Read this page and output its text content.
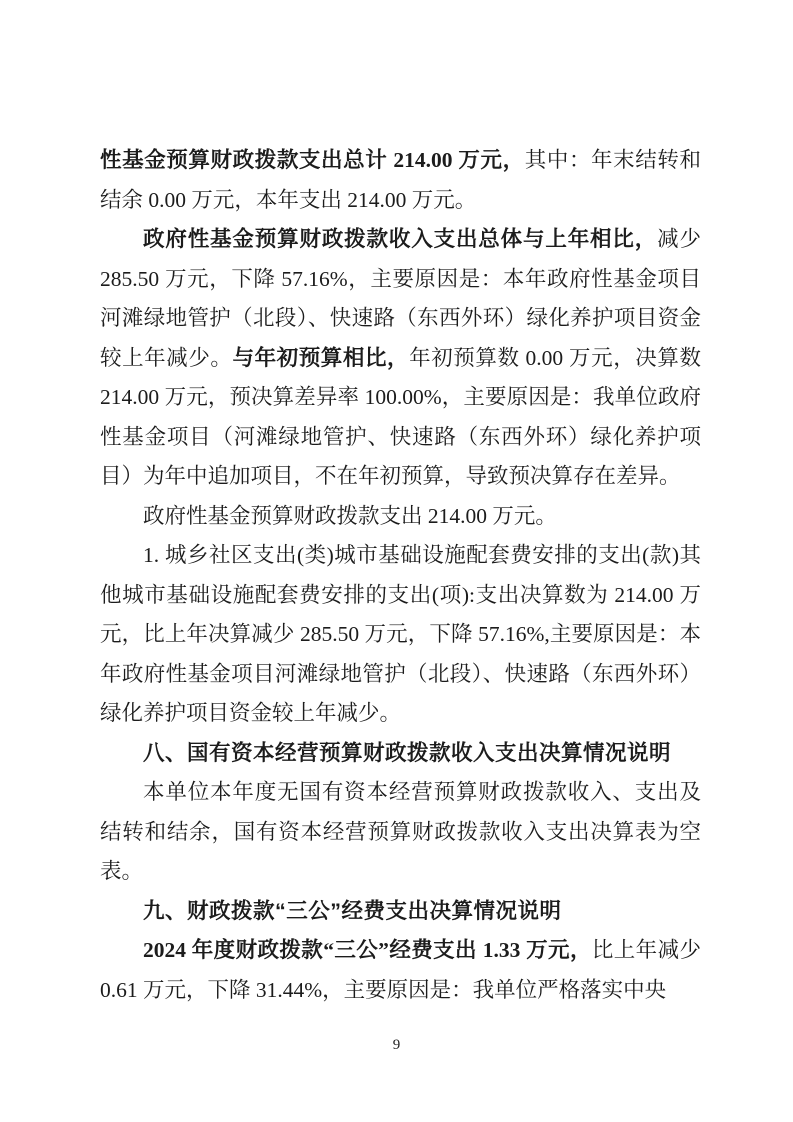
性基金预算财政拨款支出总计 214.00 万元，其中：年末结转和结余 0.00 万元，本年支出 214.00 万元。

政府性基金预算财政拨款收入支出总体与上年相比，减少 285.50 万元，下降 57.16%，主要原因是：本年政府性基金项目河滩绿地管护（北段）、快速路（东西外环）绿化养护项目资金较上年减少。与年初预算相比，年初预算数 0.00 万元，决算数 214.00 万元，预决算差异率 100.00%，主要原因是：我单位政府性基金项目（河滩绿地管护、快速路（东西外环）绿化养护项目）为年中追加项目，不在年初预算，导致预决算存在差异。

政府性基金预算财政拨款支出 214.00 万元。

1. 城乡社区支出(类)城市基础设施配套费安排的支出(款)其他城市基础设施配套费安排的支出(项):支出决算数为 214.00 万元，比上年决算减少 285.50 万元，下降 57.16%,主要原因是：本年政府性基金项目河滩绿地管护（北段）、快速路（东西外环）绿化养护项目资金较上年减少。

八、国有资本经营预算财政拨款收入支出决算情况说明

本单位本年度无国有资本经营预算财政拨款收入、支出及结转和结余，国有资本经营预算财政拨款收入支出决算表为空表。

九、财政拨款“三公”经费支出决算情况说明

2024 年度财政拨款“三公”经费支出 1.33 万元，比上年减少 0.61 万元，下降 31.44%，主要原因是：我单位严格落实中央

9
